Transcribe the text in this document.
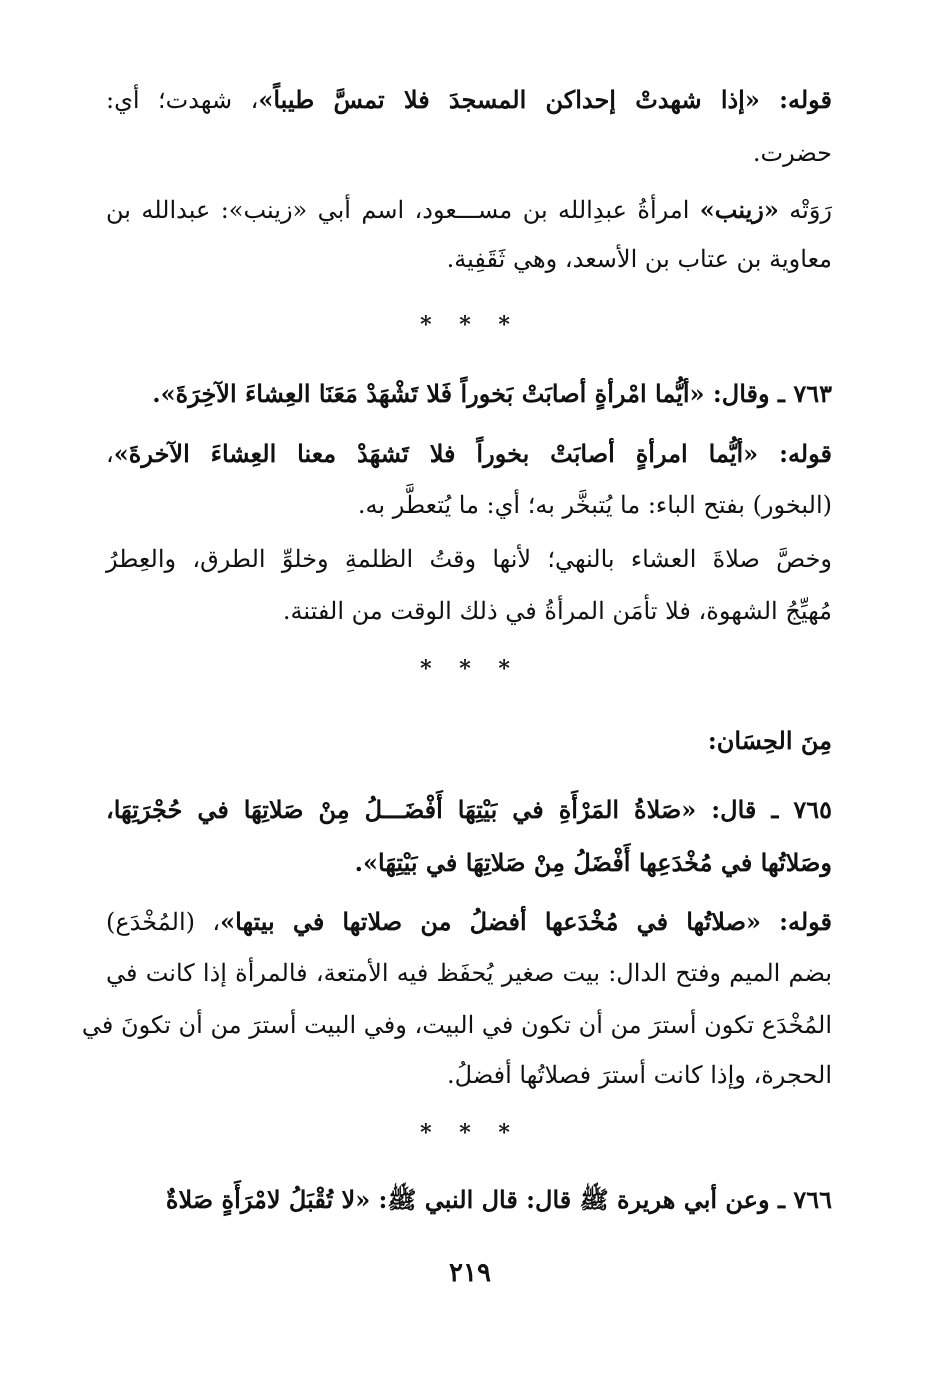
قوله: «إذا شهدتْ إحداكن المسجدَ فلا تمسَّ طيباً»، شهدت؛ أي:
حضرت.
رَوَتْه «زينب» امرأةُ عبدِالله بن مســـعود، اسم أبي «زينب»: عبدالله بن
معاوية بن عتاب بن الأسعد، وهي ثَقَفِية.
* * *
٧٦٣ ـ وقال: «أيُّما امْرأةٍ أصابَتْ بَخوراً فَلا تَشْهَدْ مَعَنَا العِشاءَ الآخِرَةَ».
قوله: «أيُّما امرأةٍ أصابَتْ بخوراً فلا تَشهَدْ معنا العِشاءَ الآخرةَ»،
(البخور) بفتح الباء: ما يُتبخَّر به؛ أي: ما يُتعطَّر به.
وخصَّ صلاةَ العشاء بالنهي؛ لأنها وقتُ الظلمةِ وخلوِّ الطرق، والعِطرُ
مُهيِّجُ الشهوة، فلا تأمَن المرأةُ في ذلك الوقت من الفتنة.
* * *
مِنَ الحِسَان:
٧٦٥ ـ قال: «صَلاةُ المَرْأَةِ في بَيْتِهَا أَفْضَـــلُ مِنْ صَلاتِهَا في حُجْرَتِهَا،
وصَلاتُها في مُخْدَعِها أَفْضَلُ مِنْ صَلاتِهَا في بَيْتِهَا».
قوله: «صلاتُها في مُخْدَعها أفضلُ من صلاتها في بيتها»، (المُخْدَع)
بضم الميم وفتح الدال: بيت صغير يُحفَظ فيه الأمتعة، فالمرأة إذا كانت في
المُخْدَع تكون أسترَ من أن تكون في البيت، وفي البيت أسترَ من أن تكونَ في
الحجرة، وإذا كانت أسترَ فصلاتُها أفضلُ.
* * *
٧٦٦ ـ وعن أبي هريرة ﷺ قال: قال النبي ﷺ: «لا تُقْبَلُ لامْرَأَةٍ صَلاةٌ
٢١٩
